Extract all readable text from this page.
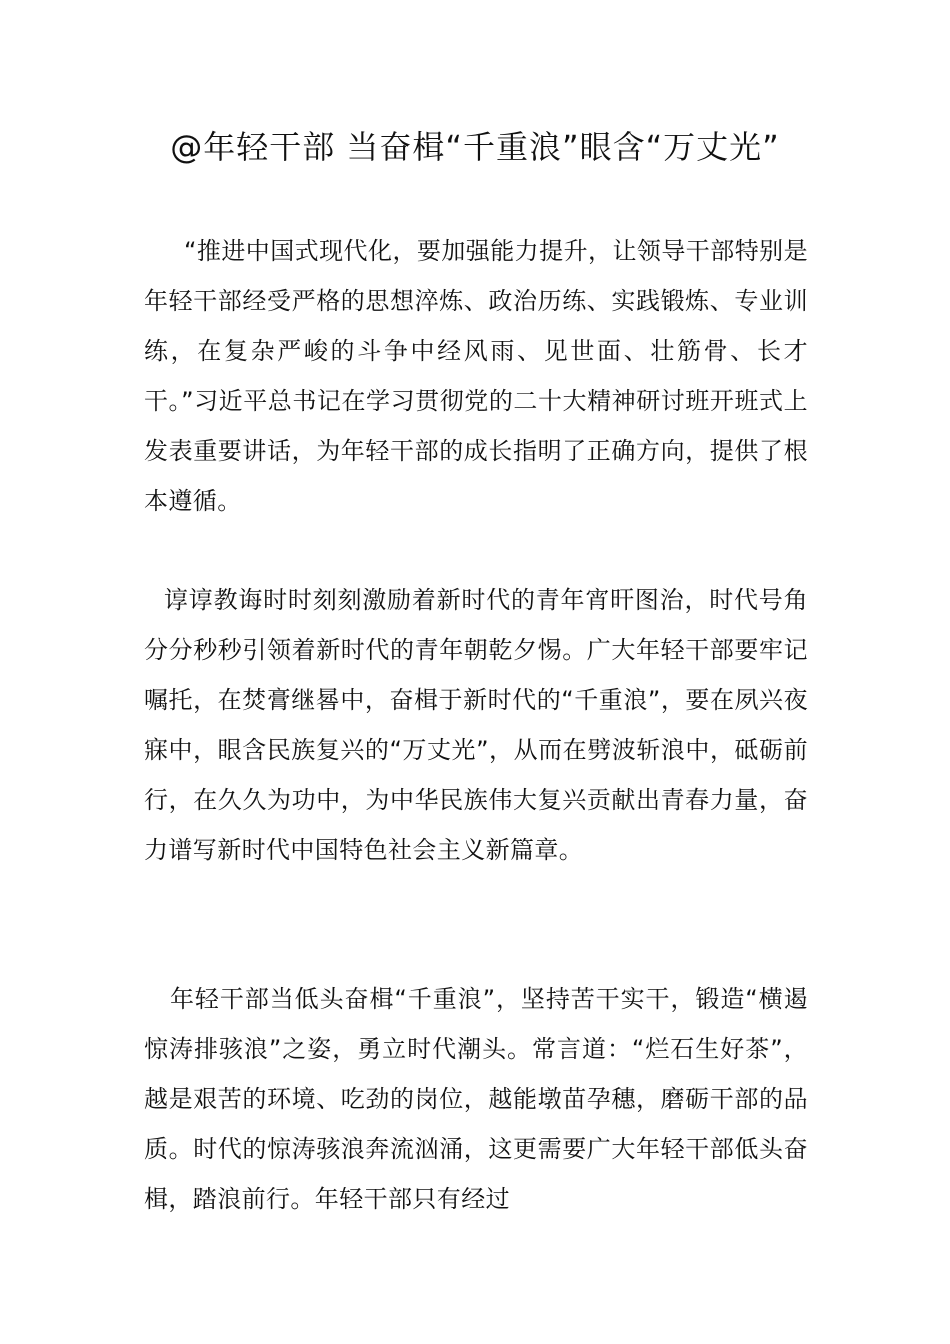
@年轻干部 当奋楫“千重浪”眼含“万丈光”

“推进中国式现代化，要加强能力提升，让领导干部特别是年轻干部经受严格的思想淬炼、政治历练、实践锻炼、专业训练，在复杂严峻的斗争中经风雨、见世面、壮筋骨、长才干。”习近平总书记在学习贯彻党的二十大精神研讨班开班式上发表重要讲话，为年轻干部的成长指明了正确方向，提供了根本遵循。

谆谆教诲时时刻刻激励着新时代的青年宵旰图治，时代号角分分秒秒引领着新时代的青年朝乾夕惕。广大年轻干部要牢记嘱托，在焚膏继晷中，奋楫于新时代的“千重浪”，要在夙兴夜寐中，眼含民族复兴的“万丈光”，从而在劈波斩浪中，砥砺前行，在久久为功中，为中华民族伟大复兴贡献出青春力量，奋力谱写新时代中国特色社会主义新篇章。

年轻干部当低头奋楫“千重浪”，坚持苦干实干，锻造“横遏惊涛排骇浪”之姿，勇立时代潮头。常言道：“烂石生好茶”，越是艰苦的环境、吃劲的岗位，越能墩苗孕穗，磨砺干部的品质。时代的惊涛骇浪奔流汹涌，这更需要广大年轻干部低头奋楫，踏浪前行。年轻干部只有经过
